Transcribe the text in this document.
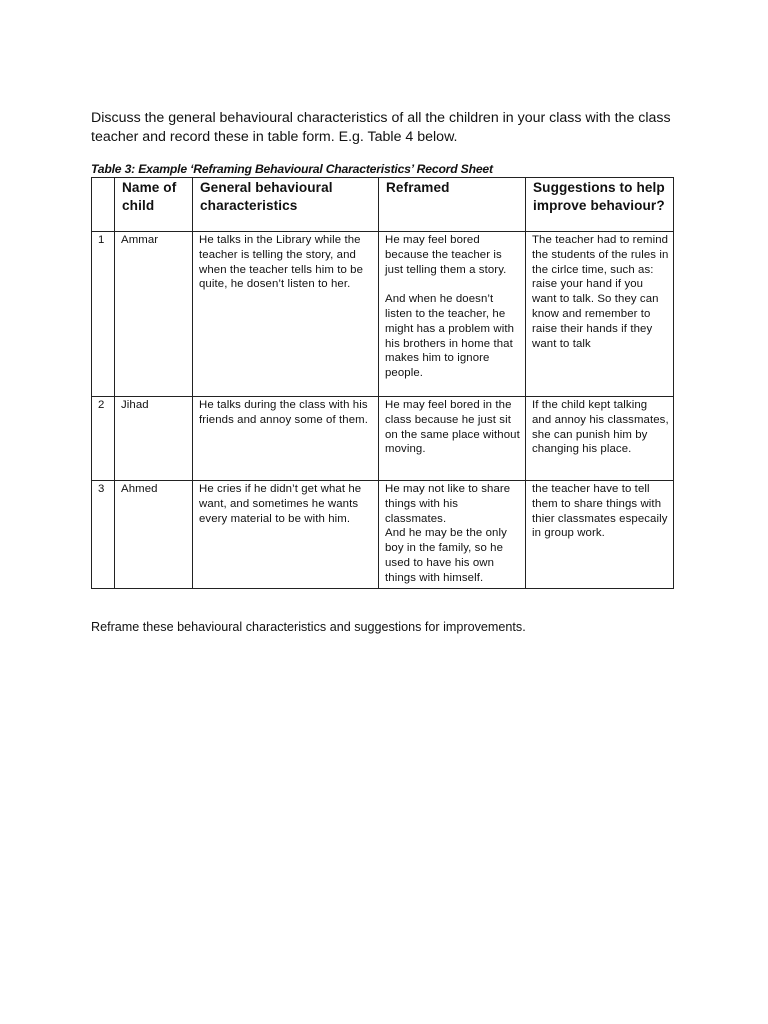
Discuss the general behavioural characteristics of all the children in your class with the class teacher and record these in table form. E.g. Table 4 below.

Table 3: Example ‘Reframing Behavioural Characteristics’ Record Sheet

	Name of child	General behavioural characteristics	Reframed	Suggestions to help improve behaviour?
1	Ammar	He talks in the Library while the teacher is telling the story, and when the teacher tells him to be quite, he dosen’t listen to her.	He may feel bored because the teacher is just telling them a story.

And when he doesn’t listen to the teacher, he might has a problem with his brothers in home that makes him to ignore people.	The teacher had to remind the students of the rules in the cirlce time, such as: raise your hand if you want to talk. So they can know and remember to raise their hands if they want to talk

2	Jihad	He talks during the class with his friends and annoy some of them.	He may feel bored in the class because he just sit on the same place without moving.	If the child kept talking and annoy his classmates, she can punish him by changing his place.

3	Ahmed	He cries if he didn’t get what he want, and sometimes he wants every material to be with him.	He may not like to share things with his classmates.
And he may be the only boy in the family, so he used to have his own things with himself.	the teacher have to tell them to share things with thier classmates especaily in group work.

Reframe these behavioural characteristics and suggestions for improvements.
